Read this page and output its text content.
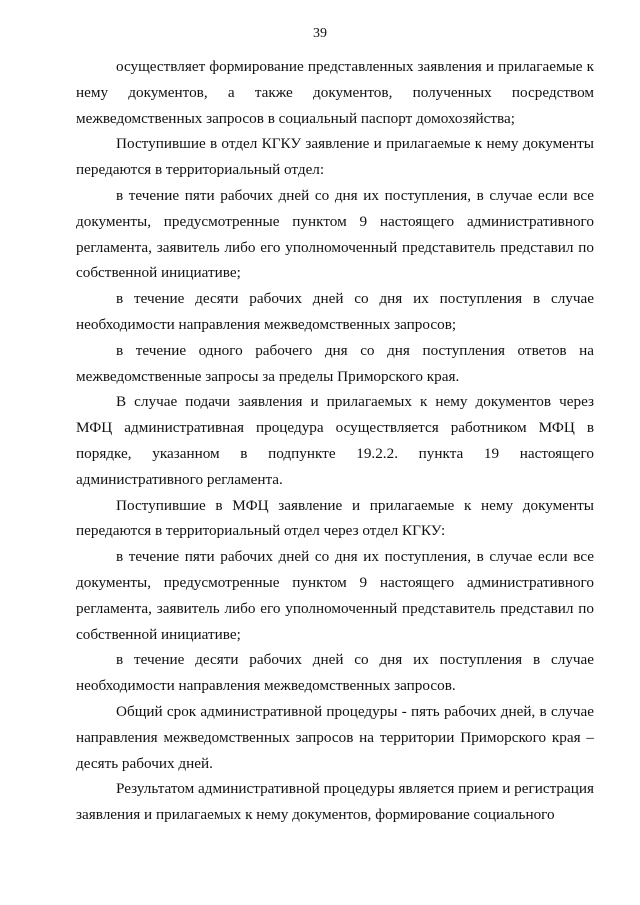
39

осуществляет формирование представленных заявления и прилагаемые к нему документов, а также документов, полученных посредством межведомственных запросов в социальный паспорт домохозяйства;

Поступившие в отдел КГКУ заявление и прилагаемые к нему документы передаются в территориальный отдел:

в течение пяти рабочих дней со дня их поступления, в случае если все документы, предусмотренные пунктом 9 настоящего административного регламента, заявитель либо его уполномоченный представитель представил по собственной инициативе;

в течение десяти рабочих дней со дня их поступления в случае необходимости направления межведомственных запросов;

в течение одного рабочего дня со дня поступления ответов на межведомственные запросы за пределы Приморского края.

В случае подачи заявления и прилагаемых к нему документов через МФЦ административная процедура осуществляется работником МФЦ в порядке, указанном в подпункте 19.2.2. пункта 19 настоящего административного регламента.

Поступившие в МФЦ заявление и прилагаемые к нему документы передаются в территориальный отдел через отдел КГКУ:

в течение пяти рабочих дней со дня их поступления, в случае если все документы, предусмотренные пунктом 9 настоящего административного регламента, заявитель либо его уполномоченный представитель представил по собственной инициативе;

в течение десяти рабочих дней со дня их поступления в случае необходимости направления межведомственных запросов.

Общий срок административной процедуры - пять рабочих дней, в случае направления межведомственных запросов на территории Приморского края – десять рабочих дней.

Результатом административной процедуры является прием и регистрация заявления и прилагаемых к нему документов, формирование социального
